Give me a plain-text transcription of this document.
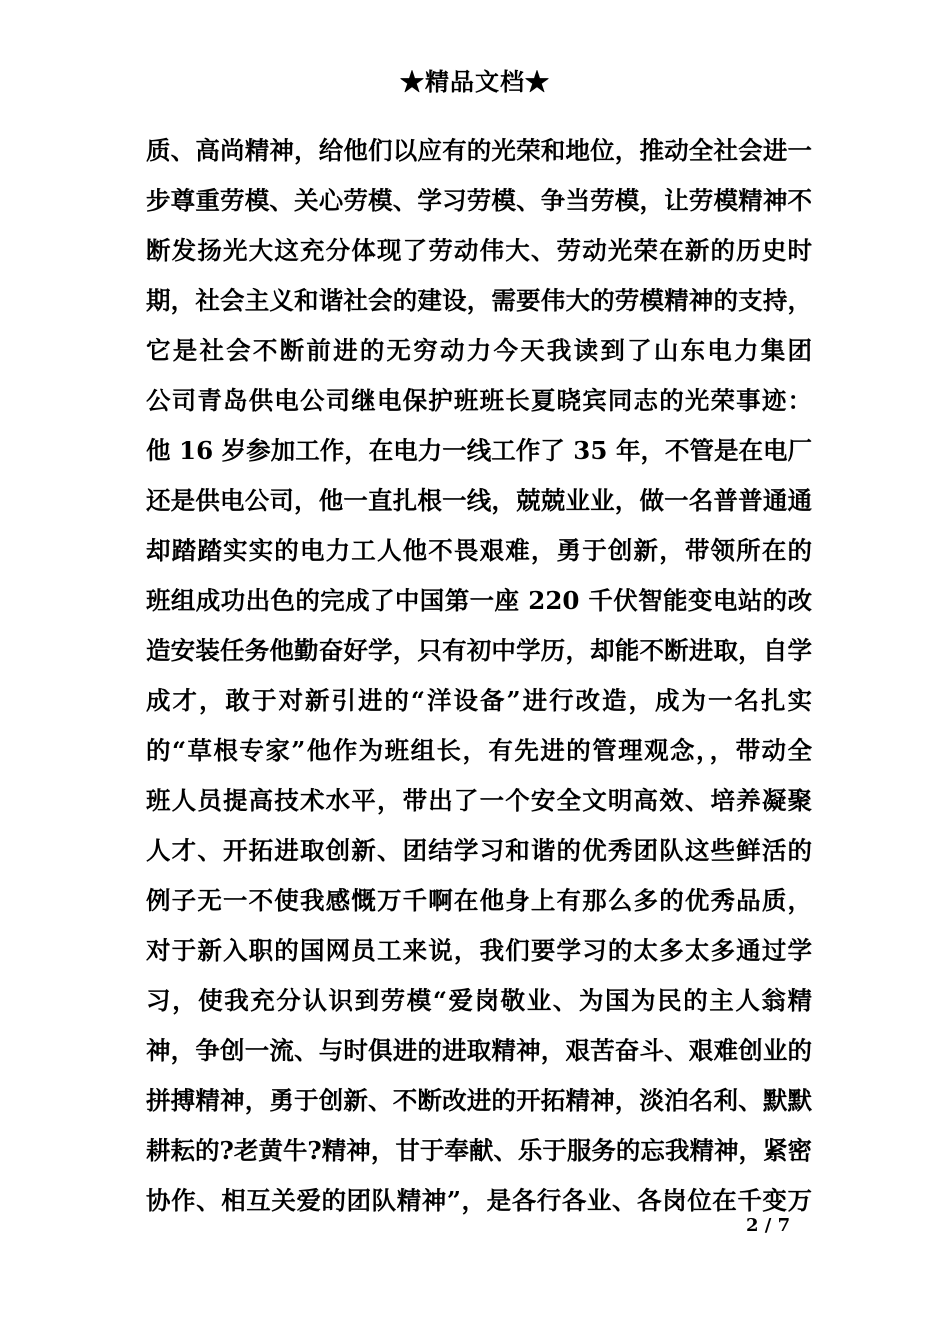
★精品文档★
质、高尚精神，给他们以应有的光荣和地位，推动全社会进一
步尊重劳模、关心劳模、学习劳模、争当劳模，让劳模精神不
断发扬光大这充分体现了劳动伟大、劳动光荣在新的历史时
期，社会主义和谐社会的建设，需要伟大的劳模精神的支持，
它是社会不断前进的无穷动力今天我读到了山东电力集团
公司青岛供电公司继电保护班班长夏晓宾同志的光荣事迹：
他 16 岁参加工作，在电力一线工作了 35 年，不管是在电厂
还是供电公司，他一直扎根一线，兢兢业业，做一名普普通通
却踏踏实实的电力工人他不畏艰难，勇于创新，带领所在的
班组成功出色的完成了中国第一座 220 千伏智能变电站的改
造安装任务他勤奋好学，只有初中学历，却能不断进取，自学
成才，敢于对新引进的“洋设备”进行改造，成为一名扎实
的“草根专家”他作为班组长，有先进的管理观念，，带动全
班人员提高技术水平，带出了一个安全文明高效、培养凝聚
人才、开拓进取创新、团结学习和谐的优秀团队这些鲜活的
例子无一不使我感慨万千啊在他身上有那么多的优秀品质，
对于新入职的国网员工来说，我们要学习的太多太多通过学
习，使我充分认识到劳模“爱岗敬业、为国为民的主人翁精
神，争创一流、与时俱进的进取精神，艰苦奋斗、艰难创业的
拼搏精神，勇于创新、不断改进的开拓精神，淡泊名利、默默
耕耘的?老黄牛?精神，甘于奉献、乐于服务的忘我精神，紧密
协作、相互关爱的团队精神”，是各行各业、各岗位在千变万
2 / 7
